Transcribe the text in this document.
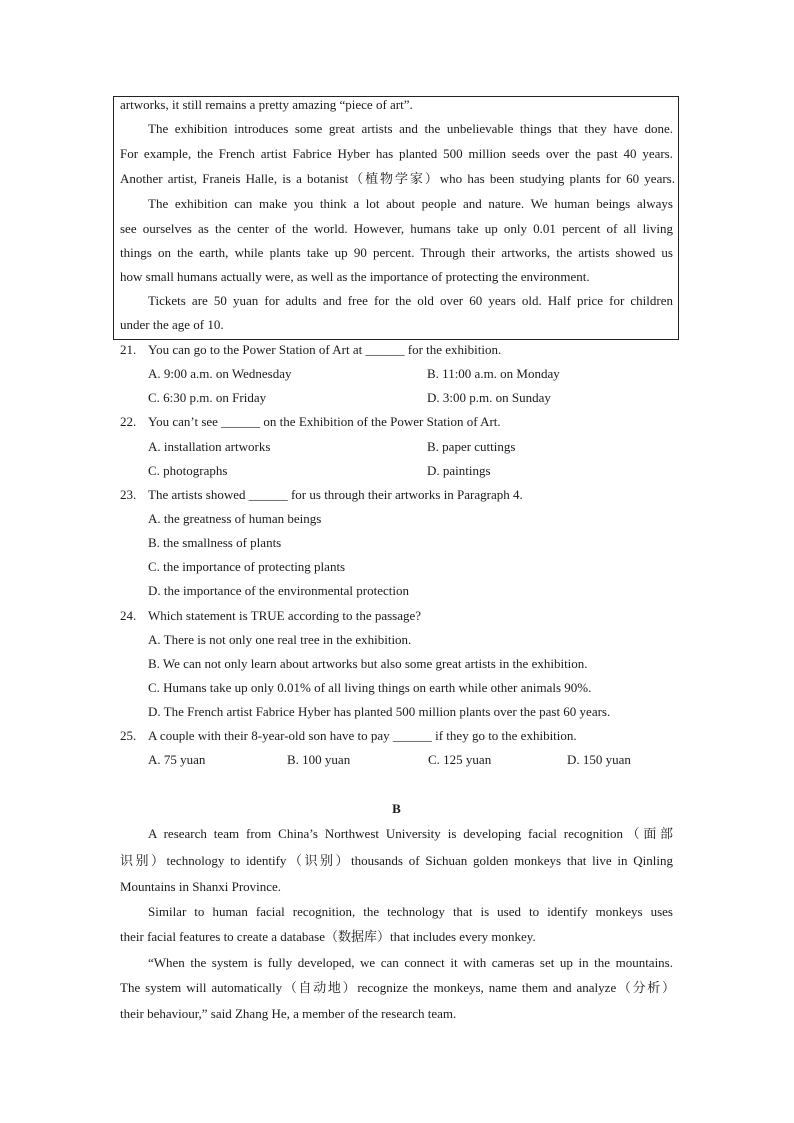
artworks, it still remains a pretty amazing “piece of art”.
The exhibition introduces some great artists and the unbelievable things that they have done.
For example, the French artist Fabrice Hyber has planted 500 million seeds over the past 40 years.
Another artist, Franeis Halle, is a botanist（植物学家）who has been studying plants for 60 years.
The exhibition can make you think a lot about people and nature. We human beings always
see ourselves as the center of the world. However, humans take up only 0.01 percent of all living
things on the earth, while plants take up 90 percent. Through their artworks, the artists showed us
how small humans actually were, as well as the importance of protecting the environment.
Tickets are 50 yuan for adults and free for the old over 60 years old. Half price for children
under the age of 10.
21. You can go to the Power Station of Art at ______ for the exhibition.
A. 9:00 a.m. on Wednesday	B. 11:00 a.m. on Monday
C. 6:30 p.m. on Friday	D. 3:00 p.m. on Sunday
22. You can’t see ______ on the Exhibition of the Power Station of Art.
A. installation artworks	B. paper cuttings
C. photographs	D. paintings
23. The artists showed ______ for us through their artworks in Paragraph 4.
A. the greatness of human beings
B. the smallness of plants
C. the importance of protecting plants
D. the importance of the environmental protection
24. Which statement is TRUE according to the passage?
A. There is not only one real tree in the exhibition.
B. We can not only learn about artworks but also some great artists in the exhibition.
C. Humans take up only 0.01% of all living things on earth while other animals 90%.
D. The French artist Fabrice Hyber has planted 500 million plants over the past 60 years.
25. A couple with their 8-year-old son have to pay ______ if they go to the exhibition.
A. 75 yuan	B. 100 yuan	C. 125 yuan	D. 150 yuan
B
A research team from China’s Northwest University is developing facial recognition（面部
识别）technology to identify（识别）thousands of Sichuan golden monkeys that live in Qinling
Mountains in Shanxi Province.
Similar to human facial recognition, the technology that is used to identify monkeys uses
their facial features to create a database（数据库）that includes every monkey.
“When the system is fully developed, we can connect it with cameras set up in the mountains.
The system will automatically（自动地）recognize the monkeys, name them and analyze（分析）
their behaviour,” said Zhang He, a member of the research team.
